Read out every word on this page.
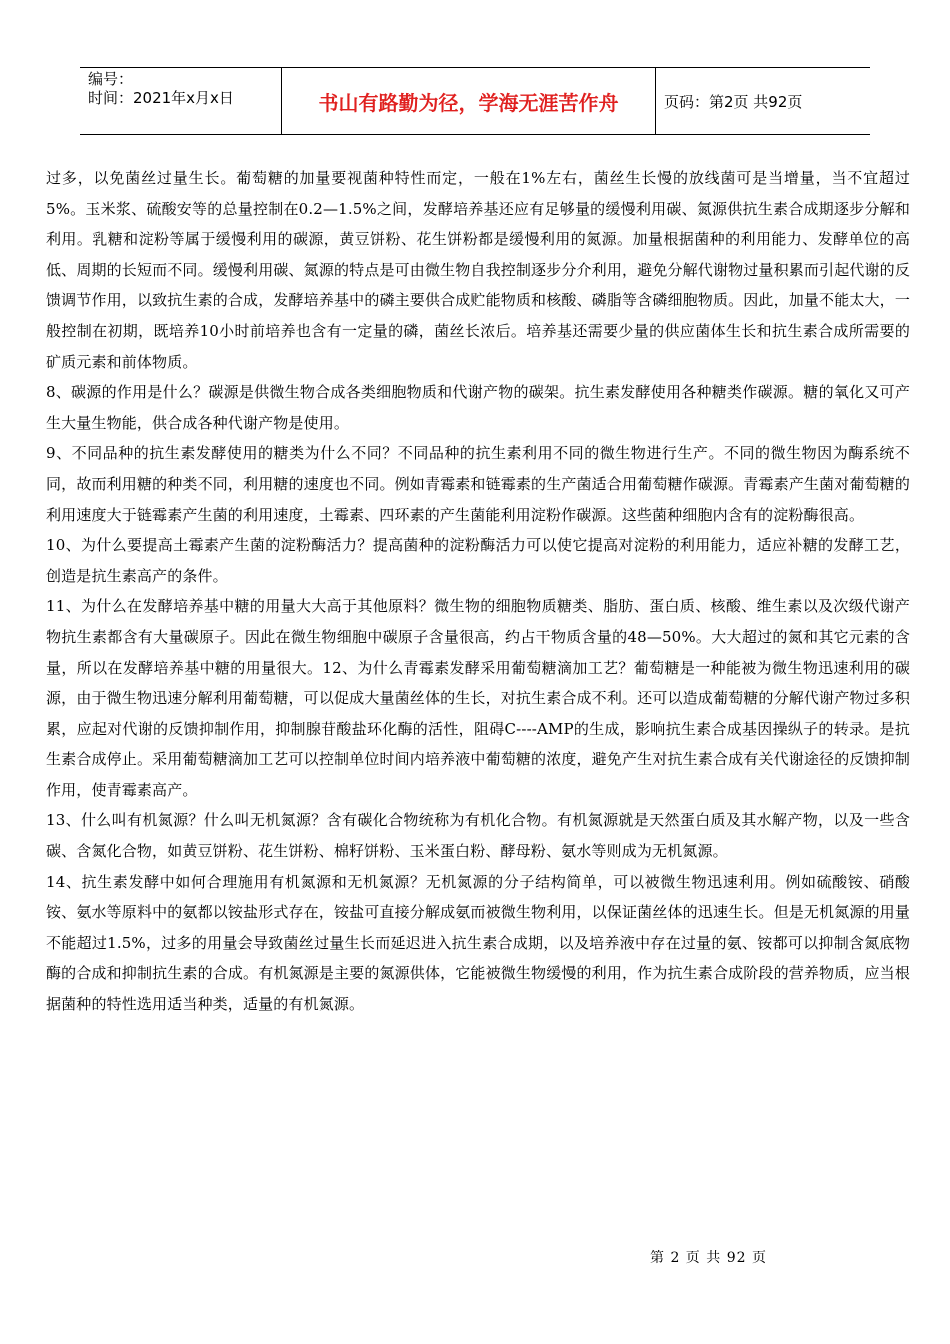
编号：
时间：2021年x月x日	书山有路勤为径，学海无涯苦作舟	页码：第2页 共92页

过多，以免菌丝过量生长。葡萄糖的加量要视菌种特性而定，一般在1%左右，菌丝生长慢的放线菌可是当增量，当不宜超过5%。玉米浆、硫酸安等的总量控制在0.2—1.5%之间，发酵培养基还应有足够量的缓慢利用碳、氮源供抗生素合成期逐步分解和利用。乳糖和淀粉等属于缓慢利用的碳源，黄豆饼粉、花生饼粉都是缓慢利用的氮源。加量根据菌种的利用能力、发酵单位的高低、周期的长短而不同。缓慢利用碳、氮源的特点是可由微生物自我控制逐步分介利用，避免分解代谢物过量积累而引起代谢的反馈调节作用，以致抗生素的合成，发酵培养基中的磷主要供合成贮能物质和核酸、磷脂等含磷细胞物质。因此，加量不能太大，一般控制在初期，既培养10小时前培养也含有一定量的磷，菌丝长浓后。培养基还需要少量的供应菌体生长和抗生素合成所需要的矿质元素和前体物质。

8、碳源的作用是什么？碳源是供微生物合成各类细胞物质和代谢产物的碳架。抗生素发酵使用各种糖类作碳源。糖的氧化又可产生大量生物能，供合成各种代谢产物是使用。

9、不同品种的抗生素发酵使用的糖类为什么不同？不同品种的抗生素利用不同的微生物进行生产。不同的微生物因为酶系统不同，故而利用糖的种类不同，利用糖的速度也不同。例如青霉素和链霉素的生产菌适合用葡萄糖作碳源。青霉素产生菌对葡萄糖的利用速度大于链霉素产生菌的利用速度，土霉素、四环素的产生菌能利用淀粉作碳源。这些菌种细胞内含有的淀粉酶很高。

10、为什么要提高土霉素产生菌的淀粉酶活力？提高菌种的淀粉酶活力可以使它提高对淀粉的利用能力，适应补糖的发酵工艺，创造是抗生素高产的条件。

11、为什么在发酵培养基中糖的用量大大高于其他原料？微生物的细胞物质糖类、脂肪、蛋白质、核酸、维生素以及次级代谢产物抗生素都含有大量碳原子。因此在微生物细胞中碳原子含量很高，约占干物质含量的48—50%。大大超过的氮和其它元素的含量，所以在发酵培养基中糖的用量很大。12、为什么青霉素发酵采用葡萄糖滴加工艺？葡萄糖是一种能被为微生物迅速利用的碳源，由于微生物迅速分解利用葡萄糖，可以促成大量菌丝体的生长，对抗生素合成不利。还可以造成葡萄糖的分解代谢产物过多积累，应起对代谢的反馈抑制作用，抑制腺苷酸盐环化酶的活性，阻碍C----AMP的生成，影响抗生素合成基因操纵子的转录。是抗生素合成停止。采用葡萄糖滴加工艺可以控制单位时间内培养液中葡萄糖的浓度，避免产生对抗生素合成有关代谢途径的反馈抑制作用，使青霉素高产。

13、什么叫有机氮源？什么叫无机氮源？含有碳化合物统称为有机化合物。有机氮源就是天然蛋白质及其水解产物，以及一些含碳、含氮化合物，如黄豆饼粉、花生饼粉、棉籽饼粉、玉米蛋白粉、酵母粉、氨水等则成为无机氮源。

14、抗生素发酵中如何合理施用有机氮源和无机氮源？无机氮源的分子结构简单，可以被微生物迅速利用。例如硫酸铵、硝酸铵、氨水等原料中的氨都以铵盐形式存在，铵盐可直接分解成氨而被微生物利用，以保证菌丝体的迅速生长。但是无机氮源的用量不能超过1.5%，过多的用量会导致菌丝过量生长而延迟进入抗生素合成期，以及培养液中存在过量的氨、铵都可以抑制含氮底物酶的合成和抑制抗生素的合成。有机氮源是主要的氮源供体，它能被微生物缓慢的利用，作为抗生素合成阶段的营养物质，应当根据菌种的特性选用适当种类，适量的有机氮源。

第 2 页 共 92 页
